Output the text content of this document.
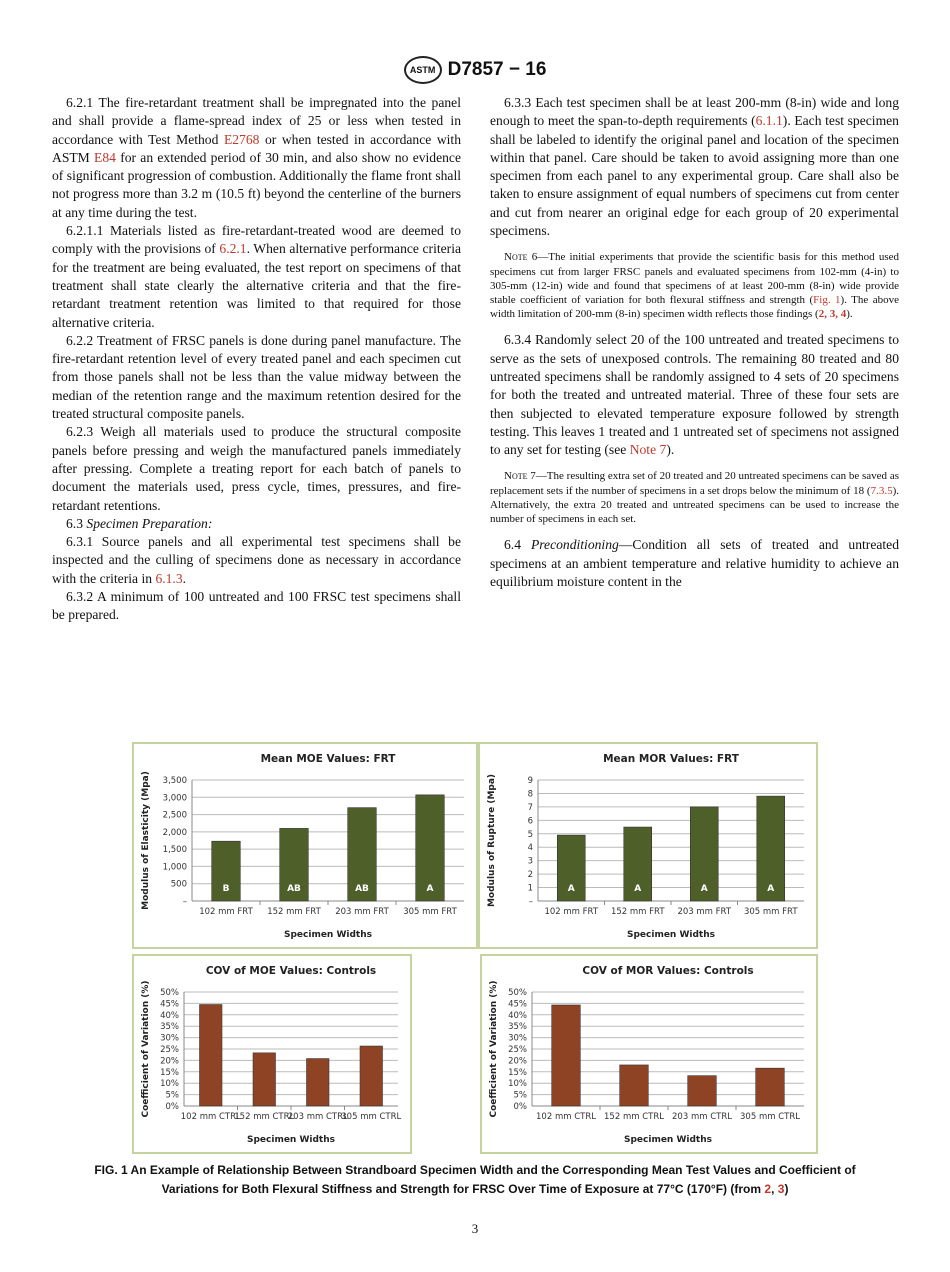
ASTM D7857 − 16

6.2.1 The fire-retardant treatment shall be impregnated into the panel and shall provide a flame-spread index of 25 or less when tested in accordance with Test Method E2768 or when tested in accordance with ASTM E84 for an extended period of 30 min, and also show no evidence of significant progression of combustion. Additionally the flame front shall not progress more than 3.2 m (10.5 ft) beyond the centerline of the burners at any time during the test.

6.2.1.1 Materials listed as fire-retardant-treated wood are deemed to comply with the provisions of 6.2.1. When alternative performance criteria for the treatment are being evaluated, the test report on specimens of that treatment shall state clearly the alternative criteria and that the fire-retardant treatment retention was limited to that required for those alternative criteria.

6.2.2 Treatment of FRSC panels is done during panel manufacture. The fire-retardant retention level of every treated panel and each specimen cut from those panels shall not be less than the value midway between the median of the retention range and the maximum retention desired for the treated structural composite panels.

6.2.3 Weigh all materials used to produce the structural composite panels before pressing and weigh the manufactured panels immediately after pressing. Complete a treating report for each batch of panels to document the materials used, press cycle, times, pressures, and fire-retardant retentions.

6.3 Specimen Preparation:

6.3.1 Source panels and all experimental test specimens shall be inspected and the culling of specimens done as necessary in accordance with the criteria in 6.1.3.

6.3.2 A minimum of 100 untreated and 100 FRSC test specimens shall be prepared.

6.3.3 Each test specimen shall be at least 200-mm (8-in) wide and long enough to meet the span-to-depth requirements (6.1.1). Each test specimen shall be labeled to identify the original panel and location of the specimen within that panel. Care should be taken to avoid assigning more than one specimen from each panel to any experimental group. Care shall also be taken to ensure assignment of equal numbers of specimens cut from center and cut from nearer an original edge for each group of 20 experimental specimens.

Note 6—The initial experiments that provide the scientific basis for this method used specimens cut from larger FRSC panels and evaluated specimens from 102-mm (4-in) to 305-mm (12-in) wide and found that specimens of at least 200-mm (8-in) wide provide stable coefficient of variation for both flexural stiffness and strength (Fig. 1). The above width limitation of 200-mm (8-in) specimen width reflects those findings (2, 3, 4).

6.3.4 Randomly select 20 of the 100 untreated and treated specimens to serve as the sets of unexposed controls. The remaining 80 treated and 80 untreated specimens shall be randomly assigned to 4 sets of 20 specimens for both the treated and untreated material. Three of these four sets are then subjected to elevated temperature exposure followed by strength testing. This leaves 1 treated and 1 untreated set of specimens not assigned to any set for testing (see Note 7).

Note 7—The resulting extra set of 20 treated and 20 untreated specimens can be saved as replacement sets if the number of specimens in a set drops below the minimum of 18 (7.3.5). Alternatively, the extra 20 treated and untreated specimens can be used to increase the number of specimens in each set.

6.4 Preconditioning—Condition all sets of treated and untreated specimens at an ambient temperature and relative humidity to achieve an equilibrium moisture content in the

Mean MOE Values: FRT
Modulus of Elasticity (Mpa)
Specimen Widths
–
500
1,000
1,500
2,000
2,500
3,000
3,500
B
102 mm FRT
AB
152 mm FRT
AB
203 mm FRT
A
305 mm FRT
Mean MOR Values: FRT
Modulus of Rupture (Mpa)
Specimen Widths
–
1
2
3
4
5
6
7
8
9
A
102 mm FRT
A
152 mm FRT
A
203 mm FRT
A
305 mm FRT
COV of MOE Values: Controls
Coefficient of Variation (%)
Specimen Widths
0%
5%
10%
15%
20%
25%
30%
35%
40%
45%
50%
102 mm CTRL
152 mm CTRL
203 mm CTRL
305 mm CTRL
COV of MOR Values: Controls
Coefficient of Variation (%)
Specimen Widths
0%
5%
10%
15%
20%
25%
30%
35%
40%
45%
50%
102 mm CTRL 152 mm CTRL 203 mm CTRL 305 mm CTRL
FIG. 1 An Example of Relationship Between Strandboard Specimen Width and the Corresponding Mean Test Values and Coefficient of
Variations for Both Flexural Stiffness and Strength for FRSC Over Time of Exposure at 77°C (170°F) (from 2, 3)
3
